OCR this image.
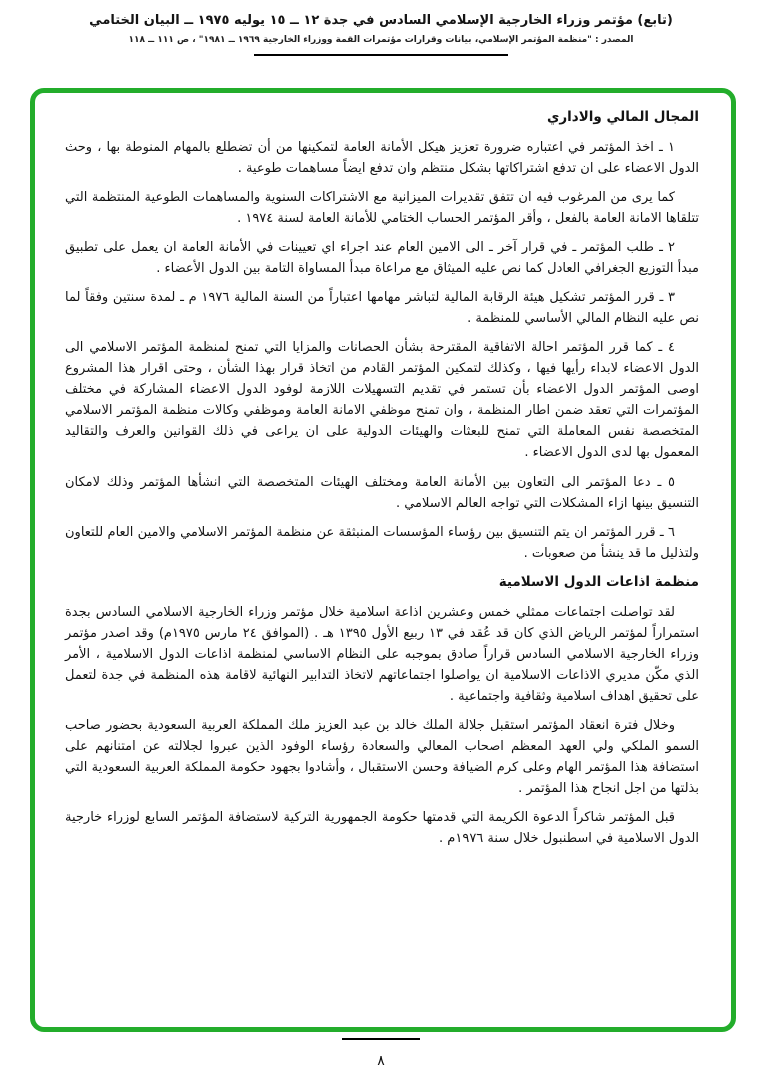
(تابع) مؤتمر وزراء الخارجية الإسلامي السادس في جدة ١٢ ــ ١٥ يوليه ١٩٧٥ ــ البيان الختامي
المصدر : "منظمة المؤتمر الإسلامي، بيانات وقرارات مؤتمرات القمة ووزراء الخارجية ١٩٦٩ ــ ١٩٨١" ، ص ١١١ ــ ١١٨
المجال المالي والاداري

١ ـ اخذ المؤتمر في اعتباره ضرورة تعزيز هيكل الأمانة العامة لتمكينها من أن تضطلع بالمهام المنوطة بها ، وحث الدول الاعضاء على ان تدفع اشتراكاتها بشكل منتظم وان تدفع ايضاً مساهمات طوعية .

كما يرى من المرغوب فيه ان تتفق تقديرات الميزانية مع الاشتراكات السنوية والمساهمات الطوعية المنتظمة التي تتلقاها الامانة العامة بالفعل ، وأقر المؤتمر الحساب الختامي للأمانة العامة لسنة ١٩٧٤ .

٢ ـ طلب المؤتمر ـ في قرار آخر ـ الى الامين العام عند اجراء اي تعيينات في الأمانة العامة ان يعمل على تطبيق مبدأ التوزيع الجغرافي العادل كما نص عليه الميثاق مع مراعاة مبدأ المساواة التامة بين الدول الأعضاء .

٣ ـ قرر المؤتمر تشكيل هيئة الرقابة المالية لتباشر مهامها اعتباراً من السنة المالية ١٩٧٦ م ـ لمدة سنتين وفقاً لما نص عليه النظام المالي الأساسي للمنظمة .

٤ ـ كما قرر المؤتمر احالة الاتفاقية المقترحة بشأن الحصانات والمزايا التي تمنح لمنظمة المؤتمر الاسلامي الى الدول الاعضاء لابداء رأيها فيها ، وكذلك لتمكين المؤتمر القادم من اتخاذ قرار بهذا الشأن ، وحتى اقرار هذا المشروع اوصى المؤتمر الدول الاعضاء بأن تستمر في تقديم التسهيلات اللازمة لوفود الدول الاعضاء المشاركة في مختلف المؤتمرات التي تعقد ضمن اطار المنظمة ، وان تمنح موظفي الامانة العامة وموظفي وكالات منظمة المؤتمر الاسلامي المتخصصة نفس المعاملة التي تمنح للبعثات والهيئات الدولية على ان يراعى في ذلك القوانين والعرف والتقاليد المعمول بها لدى الدول الاعضاء .

٥ ـ دعا المؤتمر الى التعاون بين الأمانة العامة ومختلف الهيئات المتخصصة التي انشأها المؤتمر وذلك لامكان التنسيق بينها ازاء المشكلات التي تواجه العالم الاسلامي .

٦ ـ قرر المؤتمر ان يتم التنسيق بين رؤساء المؤسسات المنبثقة عن منظمة المؤتمر الاسلامي والامين العام للتعاون ولتذليل ما قد ينشأ من صعوبات .

منظمة اذاعات الدول الاسلامية

لقد تواصلت اجتماعات ممثلي خمس وعشرين اذاعة اسلامية خلال مؤتمر وزراء الخارجية الاسلامي السادس بجدة استمراراً لمؤتمر الرياض الذي كان قد عُقد في ١٣ ربيع الأول ١٣٩٥ هـ . (الموافق ٢٤ مارس ١٩٧٥م) وقد اصدر مؤتمر وزراء الخارجية الاسلامي السادس قراراً صادق بموجبه على النظام الاساسي لمنظمة اذاعات الدول الاسلامية ، الأمر الذي مكّن مديري الاذاعات الاسلامية ان يواصلوا اجتماعاتهم لاتخاذ التدابير النهائية لاقامة هذه المنظمة في جدة لتعمل على تحقيق اهداف اسلامية وثقافية واجتماعية .

وخلال فترة انعقاد المؤتمر استقبل جلالة الملك خالد بن عبد العزيز ملك المملكة العربية السعودية بحضور صاحب السمو الملكي ولي العهد المعظم اصحاب المعالي والسعادة رؤساء الوفود الذين عبروا لجلالته عن امتنانهم على استضافة هذا المؤتمر الهام وعلى كرم الضيافة وحسن الاستقبال ، وأشادوا بجهود حكومة المملكة العربية السعودية التي بذلتها من اجل انجاح هذا المؤتمر .

قبل المؤتمر شاكراً الدعوة الكريمة التي قدمتها حكومة الجمهورية التركية لاستضافة المؤتمر السابع لوزراء خارجية الدول الاسلامية في اسطنبول خلال سنة ١٩٧٦م .

٨
